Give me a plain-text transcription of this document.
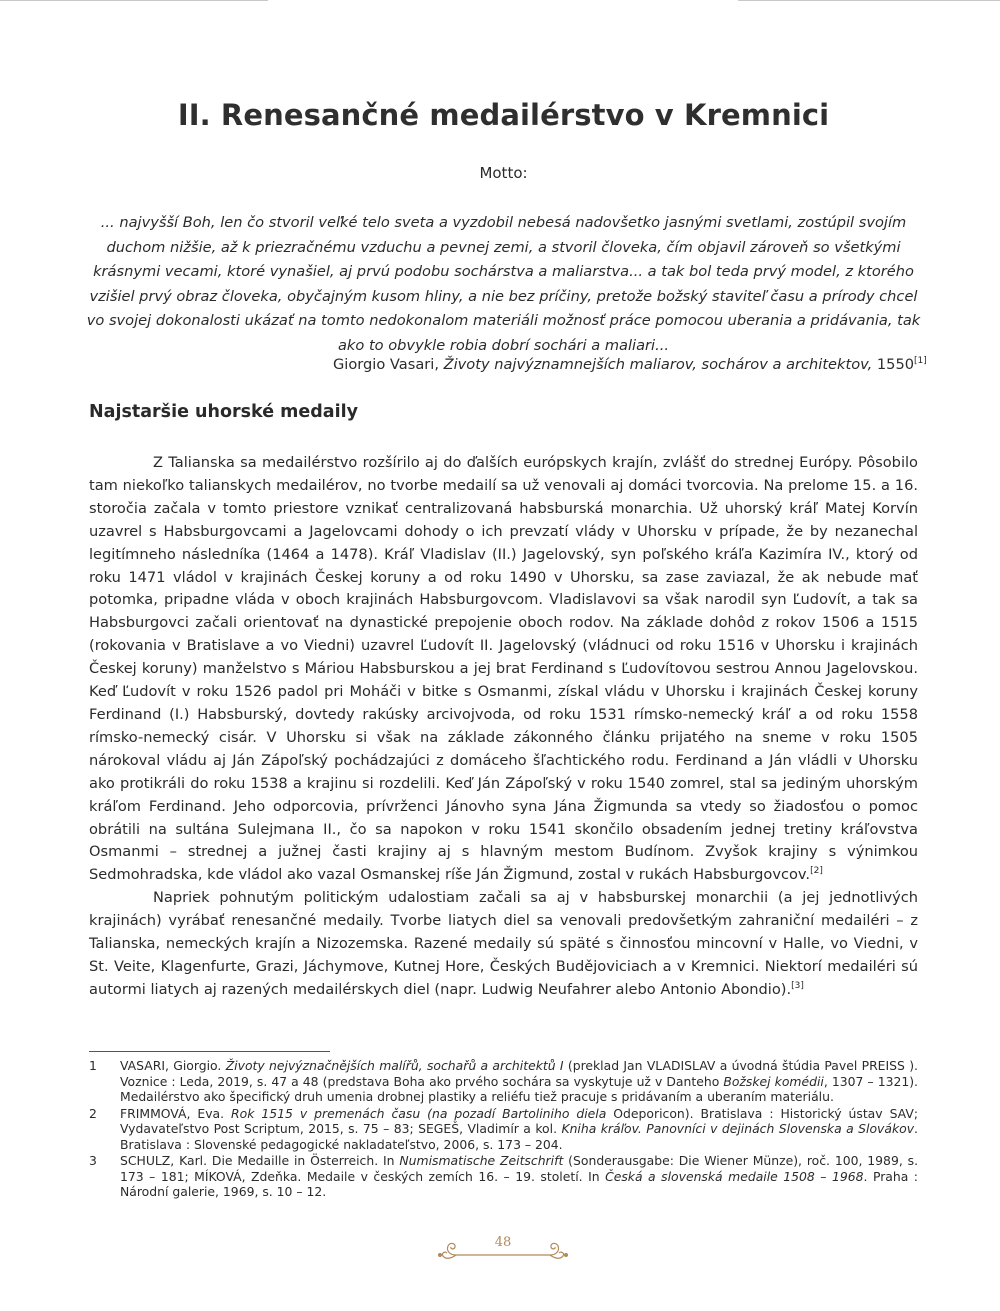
II. Renesančné medailérstvo v Kremnici

Motto:

... najvyšší Boh, len čo stvoril veľké telo sveta a vyzdobil nebesá nadovšetko jasnými svetlami, zostúpil svojím duchom nižšie, až k priezračnému vzduchu a pevnej zemi, a stvoril človeka, čím objavil zároveň so všetkými krásnymi vecami, ktoré vynašiel, aj prvú podobu sochárstva a maliarstva... a tak bol teda prvý model, z ktorého vzišiel prvý obraz človeka, obyčajným kusom hliny, a nie bez príčiny, pretože božský staviteľ času a prírody chcel vo svojej dokonalosti ukázať na tomto nedokonalom materiáli možnosť práce pomocou uberania a pridávania, tak ako to obvykle robia dobrí sochári a maliari...

Giorgio Vasari, Životy najvýznamnejších maliarov, sochárov a architektov, 1550[1]

Najstaršie uhorské medaily

Z Talianska sa medailérstvo rozšírilo aj do ďalších európskych krajín, zvlášť do strednej Európy. Pôsobilo tam niekoľko talianskych medailérov, no tvorbe medailí sa už venovali aj domáci tvorcovia. Na prelome 15. a 16. storočia začala v tomto priestore vznikať centralizovaná habsburská monarchia. Už uhorský kráľ Matej Korvín uzavrel s Habsburgovcami a Jagelovcami dohody o ich prevzatí vlády v Uhorsku v prípade, že by nezanechal legitímneho následníka (1464 a 1478). Kráľ Vladislav (II.) Jagelovský, syn poľského kráľa Kazimíra IV., ktorý od roku 1471 vládol v krajinách Českej koruny a od roku 1490 v Uhorsku, sa zase zaviazal, že ak nebude mať potomka, pripadne vláda v oboch krajinách Habsburgovcom. Vladislavovi sa však narodil syn Ľudovít, a tak sa Habsburgovci začali orientovať na dynastické prepojenie oboch rodov. Na základe dohôd z rokov 1506 a 1515 (rokovania v Bratislave a vo Viedni) uzavrel Ľudovít II. Jagelovský (vládnuci od roku 1516 v Uhorsku i krajinách Českej koruny) manželstvo s Máriou Habsburskou a jej brat Ferdinand s Ľudovítovou sestrou Annou Jagelovskou. Keď Ľudovít v roku 1526 padol pri Moháči v bitke s Osmanmi, získal vládu v Uhorsku i krajinách Českej koruny Ferdinand (I.) Habsburský, dovtedy rakúsky arcivojvoda, od roku 1531 rímsko-nemecký kráľ a od roku 1558 rímsko-nemecký cisár. V Uhorsku si však na základe zákonného článku prijatého na sneme v roku 1505 nárokoval vládu aj Ján Zápoľský pochádzajúci z domáceho šľachtického rodu. Ferdinand a Ján vládli v Uhorsku ako protikráli do roku 1538 a krajinu si rozdelili. Keď Ján Zápoľský v roku 1540 zomrel, stal sa jediným uhorským kráľom Ferdinand. Jeho odporcovia, prívrženci Jánovho syna Jána Žigmunda sa vtedy so žiadosťou o pomoc obrátili na sultána Sulejmana II., čo sa napokon v roku 1541 skončilo obsadením jednej tretiny kráľovstva Osmanmi – strednej a južnej časti krajiny aj s hlavným mestom Budínom. Zvyšok krajiny s výnimkou Sedmohradska, kde vládol ako vazal Osmanskej ríše Ján Žigmund, zostal v rukách Habsburgovcov.[2]

Napriek pohnutým politickým udalostiam začali sa aj v habsburskej monarchii (a jej jednotlivých krajinách) vyrábať renesančné medaily. Tvorbe liatych diel sa venovali predovšetkým zahraniční medailéri – z Talianska, nemeckých krajín a Nizozemska. Razené medaily sú späté s činnosťou mincovní v Halle, vo Viedni, v St. Veite, Klagenfurte, Grazi, Jáchymove, Kutnej Hore, Českých Budějoviciach a v Kremnici. Niektorí medailéri sú autormi liatych aj razených medailérskych diel (napr. Ludwig Neufahrer alebo Antonio Abondio).[3]

1 VASARI, Giorgio. Životy nejvýznačnějších malířů, sochařů a architektů I (preklad Jan VLADISLAV a úvodná štúdia Pavel PREISS ). Voznice : Leda, 2019, s. 47 a 48 (predstava Boha ako prvého sochára sa vyskytuje už v Danteho Božskej komédii, 1307 – 1321). Medailérstvo ako špecifický druh umenia drobnej plastiky a reliéfu tiež pracuje s pridávaním a uberaním materiálu.

2 FRIMMOVÁ, Eva. Rok 1515 v premenách času (na pozadí Bartoliniho diela Odeporicon). Bratislava : Historický ústav SAV; Vydavateľstvo Post Scriptum, 2015, s. 75 – 83; SEGEŠ, Vladimír a kol. Kniha kráľov. Panovníci v dejinách Slovenska a Slovákov. Bratislava : Slovenské pedagogické nakladateľstvo, 2006, s. 173 – 204.

3 SCHULZ, Karl. Die Medaille in Österreich. In Numismatische Zeitschrift (Sonderausgabe: Die Wiener Münze), roč. 100, 1989, s. 173 – 181; MÍKOVÁ, Zdeňka. Medaile v českých zemích 16. – 19. století. In Česká a slovenská medaile 1508 – 1968. Praha : Národní galerie, 1969, s. 10 – 12.

48
